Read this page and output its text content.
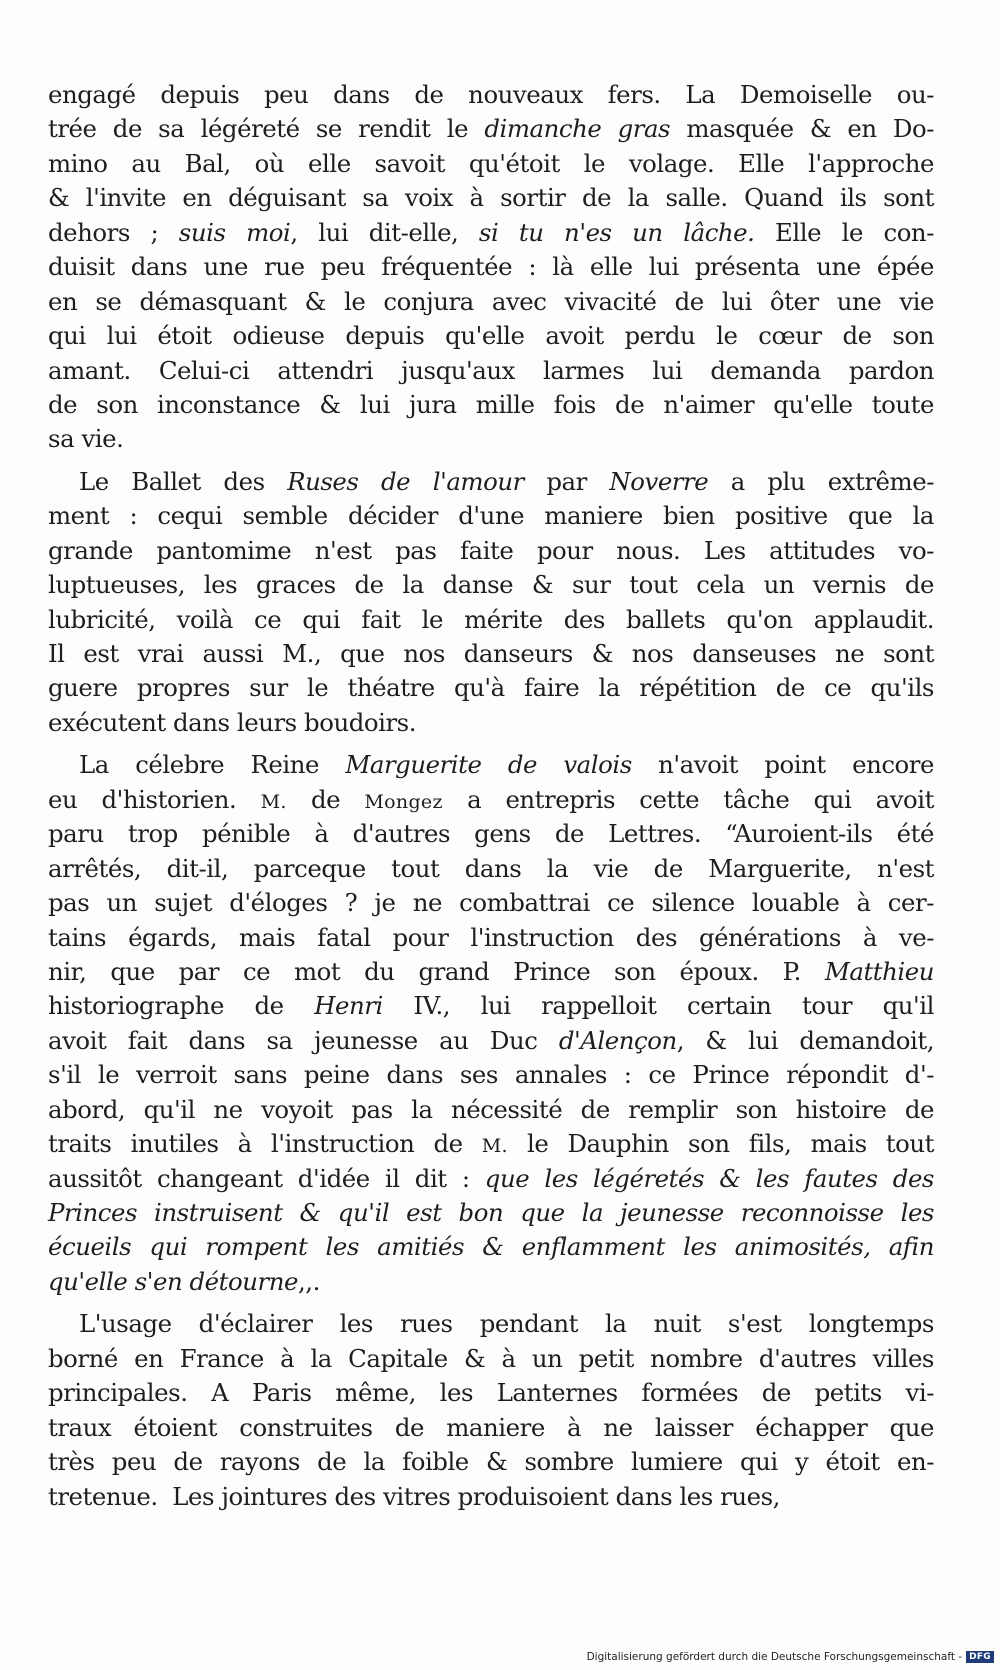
engagé depuis peu dans de nouveaux fers. La Demoiselle ou-
trée de sa légéreté se rendit le dimanche gras masquée & en Do-
mino au Bal, où elle savoit qu'étoit le volage. Elle l'approche
& l'invite en déguisant sa voix à sortir de la salle. Quand ils sont
dehors ; suis moi, lui dit-elle, si tu n'es un lâche. Elle le con-
duisit dans une rue peu fréquentée : là elle lui présenta une épée
en se démasquant & le conjura avec vivacité de lui ôter une vie
qui lui étoit odieuse depuis qu'elle avoit perdu le cœur de son
amant. Celui-ci attendri jusqu'aux larmes lui demanda pardon
de son inconstance & lui jura mille fois de n'aimer qu'elle toute
sa vie.
Le Ballet des Ruses de l'amour par Noverre a plu extrême-
ment : cequi semble décider d'une maniere bien positive que la
grande pantomime n'est pas faite pour nous. Les attitudes vo-
luptueuses, les graces de la danse & sur tout cela un vernis de
lubricité, voilà ce qui fait le mérite des ballets qu'on applaudit.
Il est vrai aussi M., que nos danseurs & nos danseuses ne sont
guere propres sur le théatre qu'à faire la répétition de ce qu'ils
exécutent dans leurs boudoirs.
La célebre Reine Marguerite de valois n'avoit point encore
eu d'historien. M. de Mongez a entrepris cette tâche qui avoit
paru trop pénible à d'autres gens de Lettres. “Auroient-ils été
arrêtés, dit-il, parceque tout dans la vie de Marguerite, n'est
pas un sujet d'éloges ? je ne combattrai ce silence louable à cer-
tains égards, mais fatal pour l'instruction des générations à ve-
nir, que par ce mot du grand Prince son époux. P. Matthieu
historiographe de Henri IV., lui rappelloit certain tour qu'il
avoit fait dans sa jeunesse au Duc d'Alençon, & lui demandoit,
s'il le verroit sans peine dans ses annales : ce Prince répondit d'-
abord, qu'il ne voyoit pas la nécessité de remplir son histoire de
traits inutiles à l'instruction de M. le Dauphin son fils, mais tout
aussitôt changeant d'idée il dit : que les légéretés & les fautes des
Princes instruisent & qu'il est bon que la jeunesse reconnoisse les
écueils qui rompent les amitiés & enflamment les animosités, afin
qu'elle s'en détourne,,.
L'usage d'éclairer les rues pendant la nuit s'est longtemps
borné en France à la Capitale & à un petit nombre d'autres villes
principales. A Paris même, les Lanternes formées de petits vi-
traux étoient construites de maniere à ne laisser échapper que
très peu de rayons de la foible & sombre lumiere qui y étoit en-
tretenue.  Les jointures des vitres produisoient dans les rues,
Digitalisierung gefördert durch die Deutsche Forschungsgemeinschaft - DFG
